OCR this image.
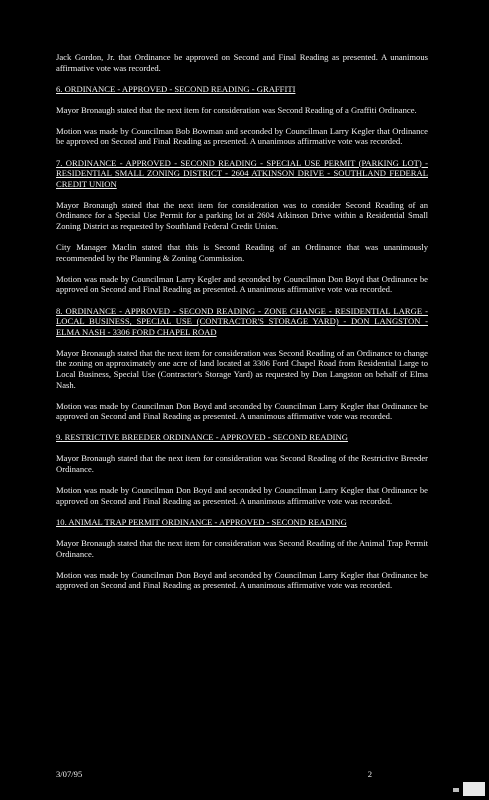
Jack Gordon, Jr. that Ordinance be approved on Second and Final Reading as presented. A unanimous affirmative vote was recorded.

6. ORDINANCE - APPROVED - SECOND READING - GRAFFITI

Mayor Bronaugh stated that the next item for consideration was Second Reading of a Graffiti Ordinance.

Motion was made by Councilman Bob Bowman and seconded by Councilman Larry Kegler that Ordinance be approved on Second and Final Reading as presented. A unanimous affirmative vote was recorded.

7. ORDINANCE - APPROVED - SECOND READING - SPECIAL USE PERMIT (PARKING LOT) - RESIDENTIAL SMALL ZONING DISTRICT - 2604 ATKINSON DRIVE - SOUTHLAND FEDERAL CREDIT UNION

Mayor Bronaugh stated that the next item for consideration was to consider Second Reading of an Ordinance for a Special Use Permit for a parking lot at 2604 Atkinson Drive within a Residential Small Zoning District as requested by Southland Federal Credit Union.

City Manager Maclin stated that this is Second Reading of an Ordinance that was unanimously recommended by the Planning & Zoning Commission.

Motion was made by Councilman Larry Kegler and seconded by Councilman Don Boyd that Ordinance be approved on Second and Final Reading as presented. A unanimous affirmative vote was recorded.

8. ORDINANCE - APPROVED - SECOND READING - ZONE CHANGE - RESIDENTIAL LARGE - LOCAL BUSINESS, SPECIAL USE (CONTRACTOR'S STORAGE YARD) - DON LANGSTON - ELMA NASH - 3306 FORD CHAPEL ROAD

Mayor Bronaugh stated that the next item for consideration was Second Reading of an Ordinance to change the zoning on approximately one acre of land located at 3306 Ford Chapel Road from Residential Large to Local Business, Special Use (Contractor's Storage Yard) as requested by Don Langston on behalf of Elma Nash.

Motion was made by Councilman Don Boyd and seconded by Councilman Larry Kegler that Ordinance be approved on Second and Final Reading as presented. A unanimous affirmative vote was recorded.

9. RESTRICTIVE BREEDER ORDINANCE - APPROVED - SECOND READING

Mayor Bronaugh stated that the next item for consideration was Second Reading of the Restrictive Breeder Ordinance.

Motion was made by Councilman Don Boyd and seconded by Councilman Larry Kegler that Ordinance be approved on Second and Final Reading as presented. A unanimous affirmative vote was recorded.

10. ANIMAL TRAP PERMIT ORDINANCE - APPROVED - SECOND READING

Mayor Bronaugh stated that the next item for consideration was Second Reading of the Animal Trap Permit Ordinance.

Motion was made by Councilman Don Boyd and seconded by Councilman Larry Kegler that Ordinance be approved on Second and Final Reading as presented. A unanimous affirmative vote was recorded.

3/07/95	2
